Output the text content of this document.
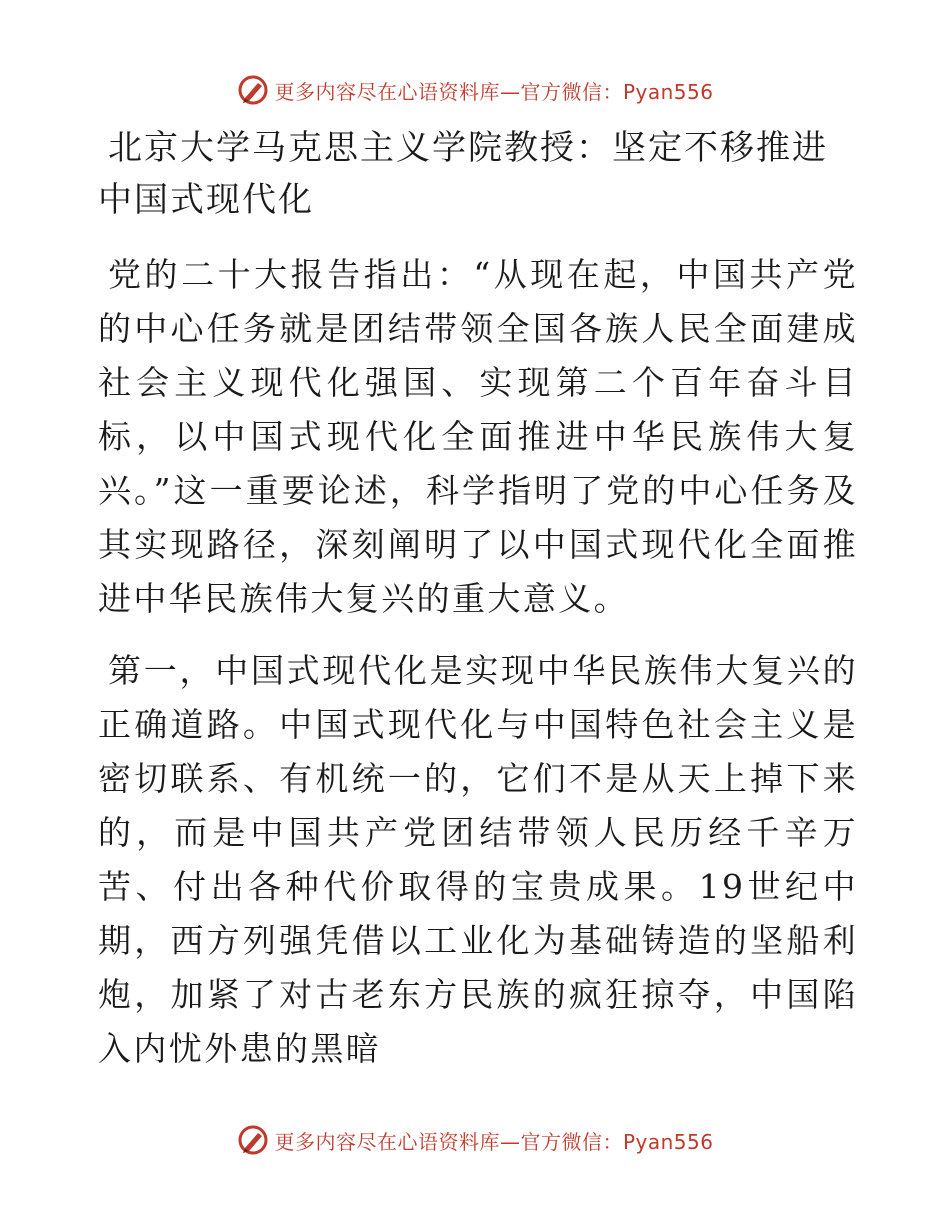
更多内容尽在心语资料库—官方微信：Pyan556
北京大学马克思主义学院教授：坚定不移推进中国式现代化

党的二十大报告指出：“从现在起，中国共产党的中心任务就是团结带领全国各族人民全面建成社会主义现代化强国、实现第二个百年奋斗目标，以中国式现代化全面推进中华民族伟大复兴。”这一重要论述，科学指明了党的中心任务及其实现路径，深刻阐明了以中国式现代化全面推进中华民族伟大复兴的重大意义。

第一，中国式现代化是实现中华民族伟大复兴的正确道路。中国式现代化与中国特色社会主义是密切联系、有机统一的，它们不是从天上掉下来的，而是中国共产党团结带领人民历经千辛万苦、付出各种代价取得的宝贵成果。19世纪中期，西方列强凭借以工业化为基础铸造的坚船利炮，加紧了对古老东方民族的疯狂掠夺，中国陷入内忧外患的黑暗

更多内容尽在心语资料库—官方微信：Pyan556
